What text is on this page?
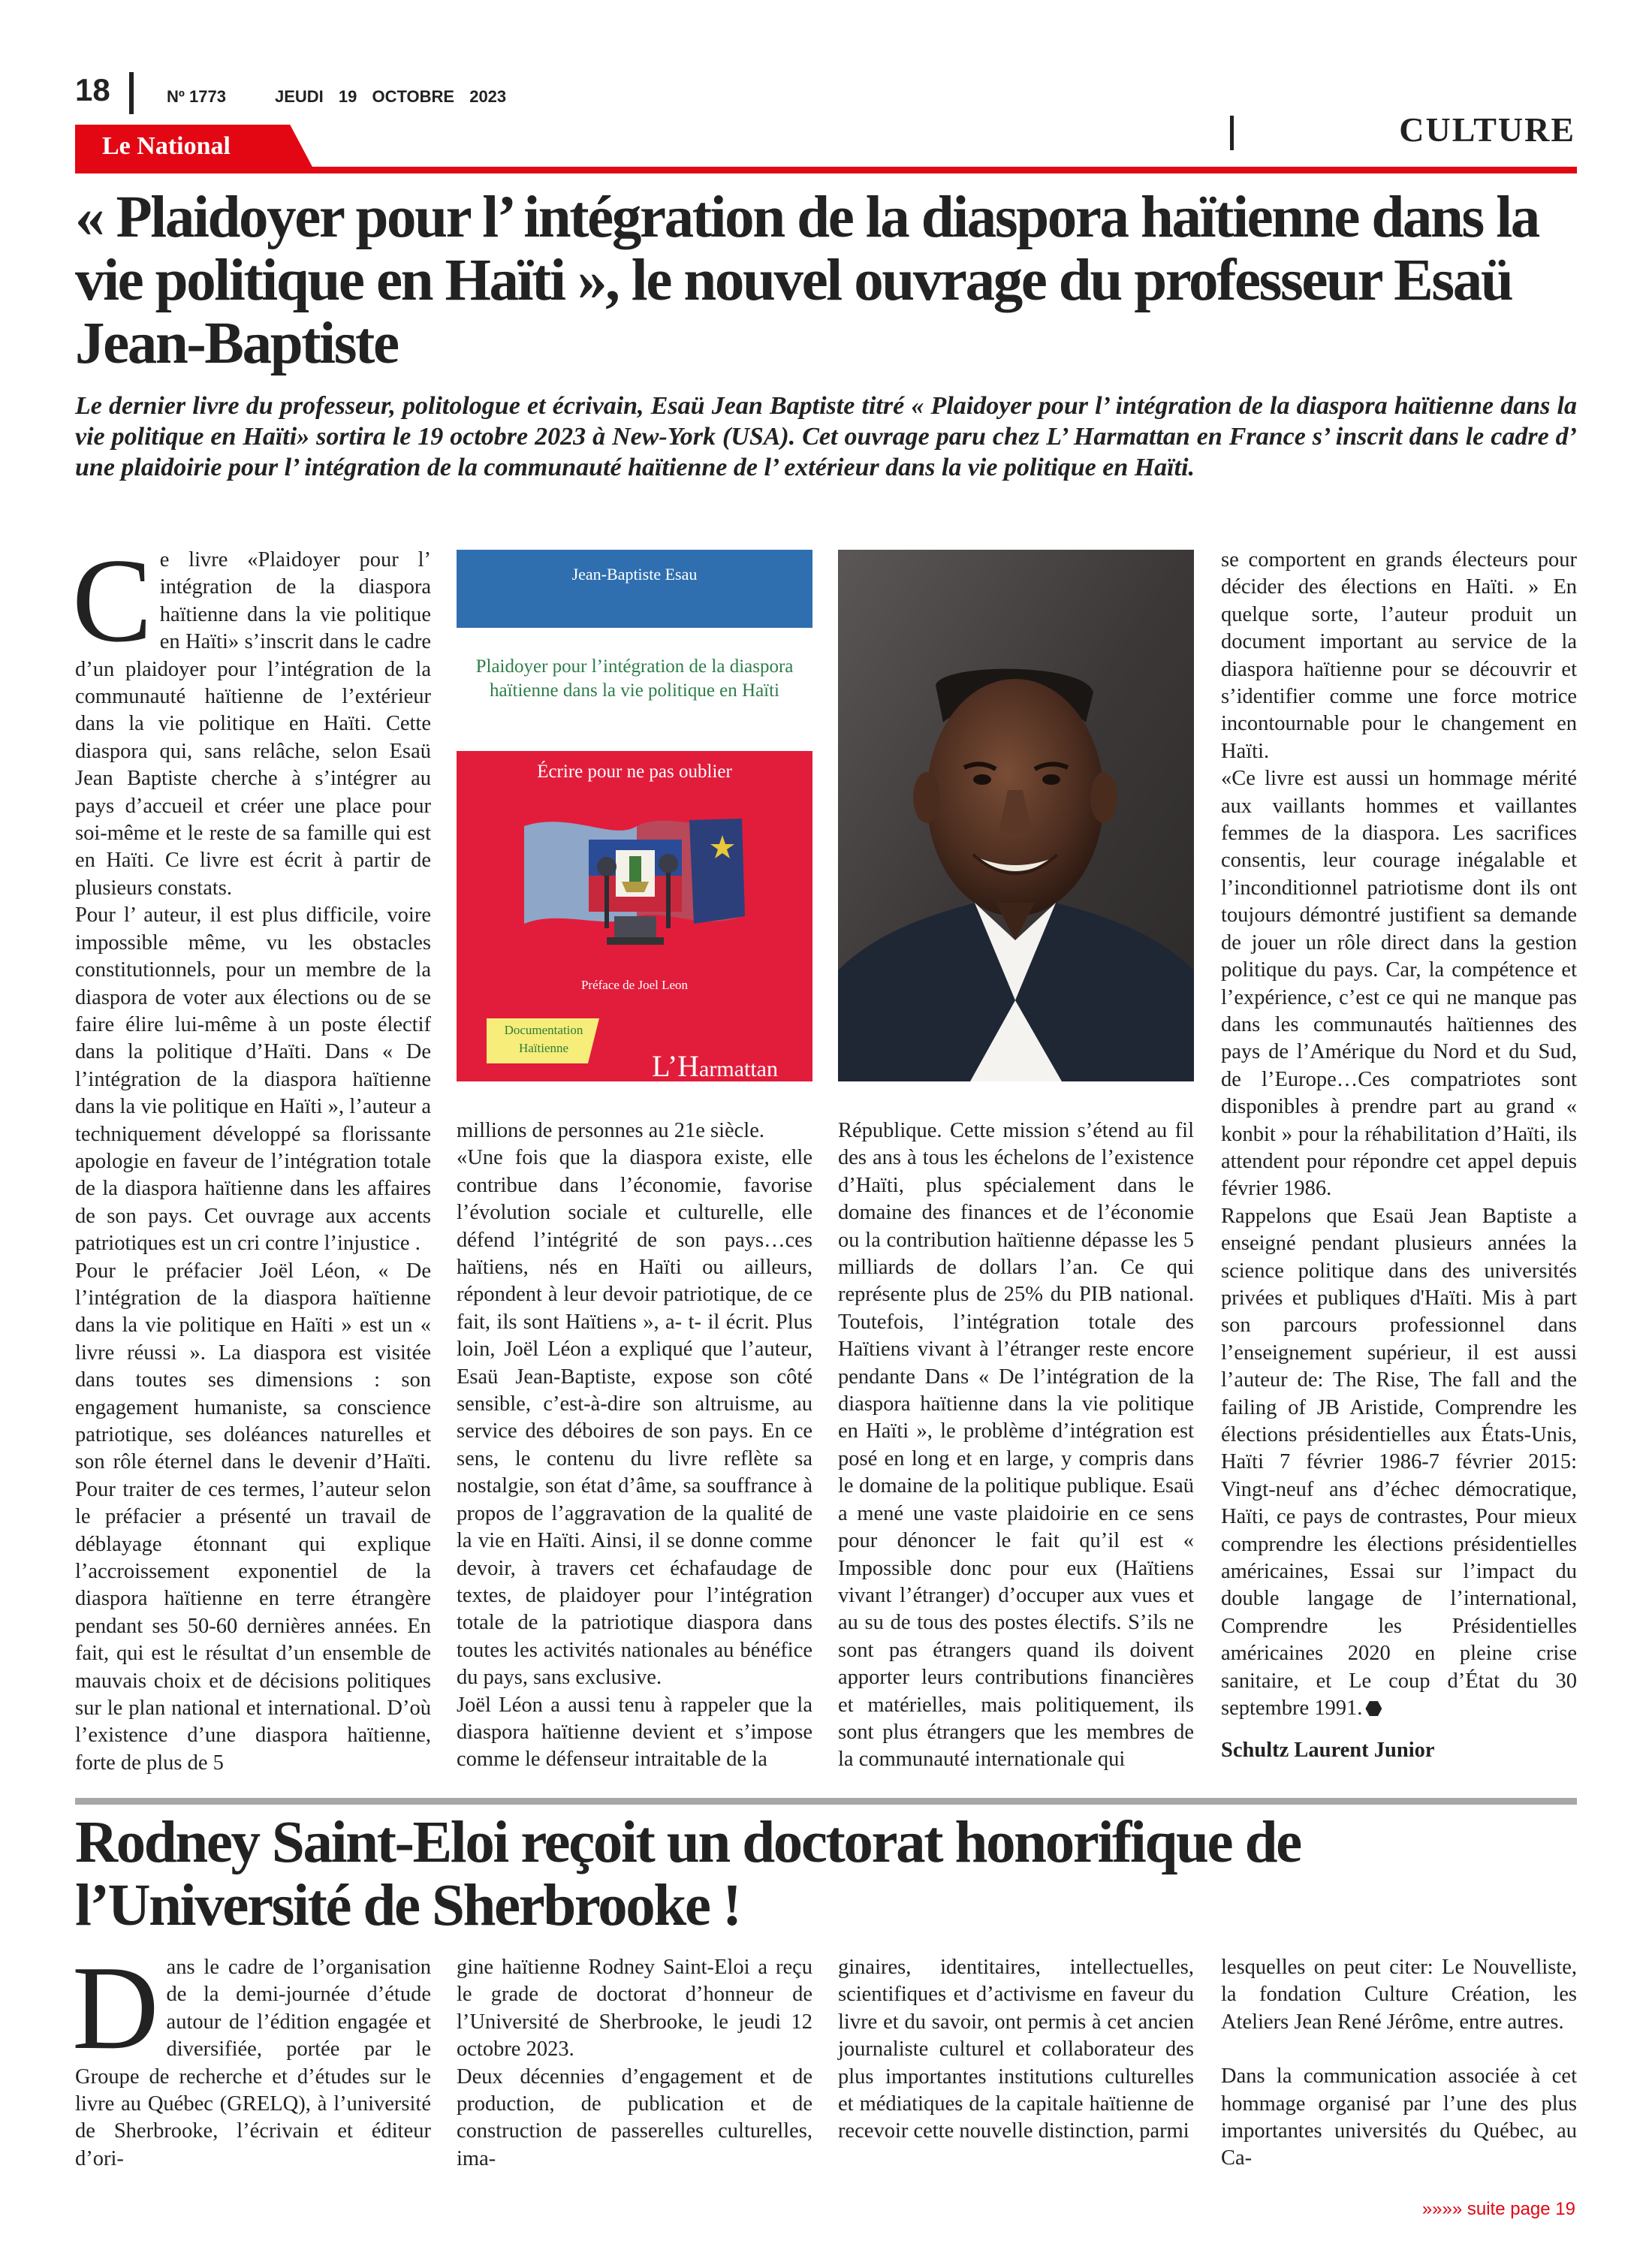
18	Nº 1773	JEUDI 19 OCTOBRE 2023
Le National	CULTURE
« Plaidoyer pour l’ intégration de la diaspora haïtienne dans la vie politique en Haïti », le nouvel ouvrage du professeur Esaü Jean-Baptiste

Le dernier livre du professeur, politologue et écrivain, Esaü Jean Baptiste titré « Plaidoyer pour l’ intégration de la diaspora haïtienne dans la vie politique en Haïti» sortira le 19 octobre 2023 à New-York (USA). Cet ouvrage paru chez L’ Harmattan en France s’ inscrit dans le cadre d’ une plaidoirie pour l’ intégration de la communauté haïtienne de l’ extérieur dans la vie politique en Haïti.

C e livre «Plaidoyer pour l’ intégration de la diaspora haïtienne dans la vie politique en Haïti» s’inscrit dans le cadre d’un plaidoyer pour l’intégration de la communauté haïtienne de l’extérieur dans la vie politique en Haïti. Cette diaspora qui, sans relâche, selon Esaü Jean Baptiste cherche à s’intégrer au pays d’accueil et créer une place pour soi-même et le reste de sa famille qui est en Haïti. Ce livre est écrit à partir de plusieurs constats.

Pour l’ auteur, il est plus difficile, voire impossible même, vu les obstacles constitutionnels, pour un membre de la diaspora de voter aux élections ou de se faire élire lui-même à un poste électif dans la politique d’Haïti. Dans « De l’intégration de la diaspora haïtienne dans la vie politique en Haïti », l’auteur a techniquement développé sa florissante apologie en faveur de l’intégration totale de la diaspora haïtienne dans les affaires de son pays. Cet ouvrage aux accents patriotiques est un cri contre l’injustice .

Pour le préfacier Joël Léon, « De l’intégration de la diaspora haïtienne dans la vie politique en Haïti » est un « livre réussi ». La diaspora est visitée dans toutes ses dimensions : son engagement humaniste, sa conscience patriotique, ses doléances naturelles et son rôle éternel dans le devenir d’Haïti. Pour traiter de ces termes, l’auteur selon le préfacier a présenté un travail de déblayage étonnant qui explique l’accroissement exponentiel de la diaspora haïtienne en terre étrangère pendant ses 50-60 dernières années. En fait, qui est le résultat d’un ensemble de mauvais choix et de décisions politiques sur le plan national et international. D’où l’existence d’une diaspora haïtienne, forte de plus de 5

Jean-Baptiste Esau
Plaidoyer pour l’intégration de la diaspora haïtienne dans la vie politique en Haïti
Écrire pour ne pas oublier
Préface de Joel Leon
Documentation Haïtienne
L’Harmattan

millions de personnes au 21e siècle.

«Une fois que la diaspora existe, elle contribue dans l’économie, favorise l’évolution sociale et culturelle, elle défend l’intégrité de son pays…ces haïtiens, nés en Haïti ou ailleurs, répondent à leur devoir patriotique, de ce fait, ils sont Haïtiens », a- t- il écrit. Plus loin, Joël Léon a expliqué que l’auteur, Esaü Jean-Baptiste, expose son côté sensible, c’est-à-dire son altruisme, au service des déboires de son pays. En ce sens, le contenu du livre reflète sa nostalgie, son état d’âme, sa souffrance à propos de l’aggravation de la qualité de la vie en Haïti. Ainsi, il se donne comme devoir, à travers cet échafaudage de textes, de plaidoyer pour l’intégration totale de la patriotique diaspora dans toutes les activités nationales au bénéfice du pays, sans exclusive.

Joël Léon a aussi tenu à rappeler que la diaspora haïtienne devient et s’impose comme le défenseur intraitable de la

République. Cette mission s’étend au fil des ans à tous les échelons de l’existence d’Haïti, plus spécialement dans le domaine des finances et de l’économie ou la contribution haïtienne dépasse les 5 milliards de dollars l’an. Ce qui représente plus de 25% du PIB national. Toutefois, l’intégration totale des Haïtiens vivant à l’étranger reste encore pendante Dans « De l’intégration de la diaspora haïtienne dans la vie politique en Haïti », le problème d’intégration est posé en long et en large, y compris dans le domaine de la politique publique. Esaü a mené une vaste plaidoirie en ce sens pour dénoncer le fait qu’il est « Impossible donc pour eux (Haïtiens vivant l’étranger) d’occuper aux vues et au su de tous des postes électifs. S’ils ne sont pas étrangers quand ils doivent apporter leurs contributions financières et matérielles, mais politiquement, ils sont plus étrangers que les membres de la communauté internationale qui

se comportent en grands électeurs pour décider des élections en Haïti. » En quelque sorte, l’auteur produit un document important au service de la diaspora haïtienne pour se découvrir et s’identifier comme une force motrice incontournable pour le changement en Haïti.

«Ce livre est aussi un hommage mérité aux vaillants hommes et vaillantes femmes de la diaspora. Les sacrifices consentis, leur courage inégalable et l’inconditionnel patriotisme dont ils ont toujours démontré justifient sa demande de jouer un rôle direct dans la gestion politique du pays. Car, la compétence et l’expérience, c’est ce qui ne manque pas dans les communautés haïtiennes des pays de l’Amérique du Nord et du Sud, de l’Europe…Ces compatriotes sont disponibles à prendre part au grand « konbit » pour la réhabilitation d’Haïti, ils attendent pour répondre cet appel depuis février 1986.

Rappelons que Esaü Jean Baptiste a enseigné pendant plusieurs années la science politique dans des universités privées et publiques d'Haïti. Mis à part son parcours professionnel dans l’enseignement supérieur, il est aussi l’auteur de: The Rise, The fall and the failing of JB Aristide, Comprendre les élections présidentielles aux États-Unis, Haïti 7 février 1986-7 février 2015: Vingt-neuf ans d’échec démocratique, Haïti, ce pays de contrastes, Pour mieux comprendre les élections présidentielles américaines, Essai sur l’impact du double langage de l’international, Comprendre les Présidentielles américaines 2020 en pleine crise sanitaire, et Le coup d’État du 30 septembre 1991.

Schultz Laurent Junior

Rodney Saint-Eloi reçoit un doctorat honorifique de l’Université de Sherbrooke !
D ans le cadre de l’organisation de la demi-journée d’étude autour de l’édition engagée et diversifiée, portée par le Groupe de recherche et d’études sur le livre au Québec (GRELQ), à l’université de Sherbrooke, l’écrivain et éditeur d’ori-

gine haïtienne Rodney Saint-Eloi a reçu le grade de doctorat d’honneur de l’Université de Sherbrooke, le jeudi 12 octobre 2023.

Deux décennies d’engagement et de production, de publication et de construction de passerelles culturelles, ima-

ginaires, identitaires, intellectuelles, scientifiques et d’activisme en faveur du livre et du savoir, ont permis à cet ancien journaliste culturel et collaborateur des plus importantes institutions culturelles et médiatiques de la capitale haïtienne de recevoir cette nouvelle distinction, parmi

lesquelles on peut citer: Le Nouvelliste, la fondation Culture Création, les Ateliers Jean René Jérôme, entre autres.

Dans la communication associée à cet hommage organisé par l’une des plus importantes universités du Québec, au Ca-

»»»» suite page 19
